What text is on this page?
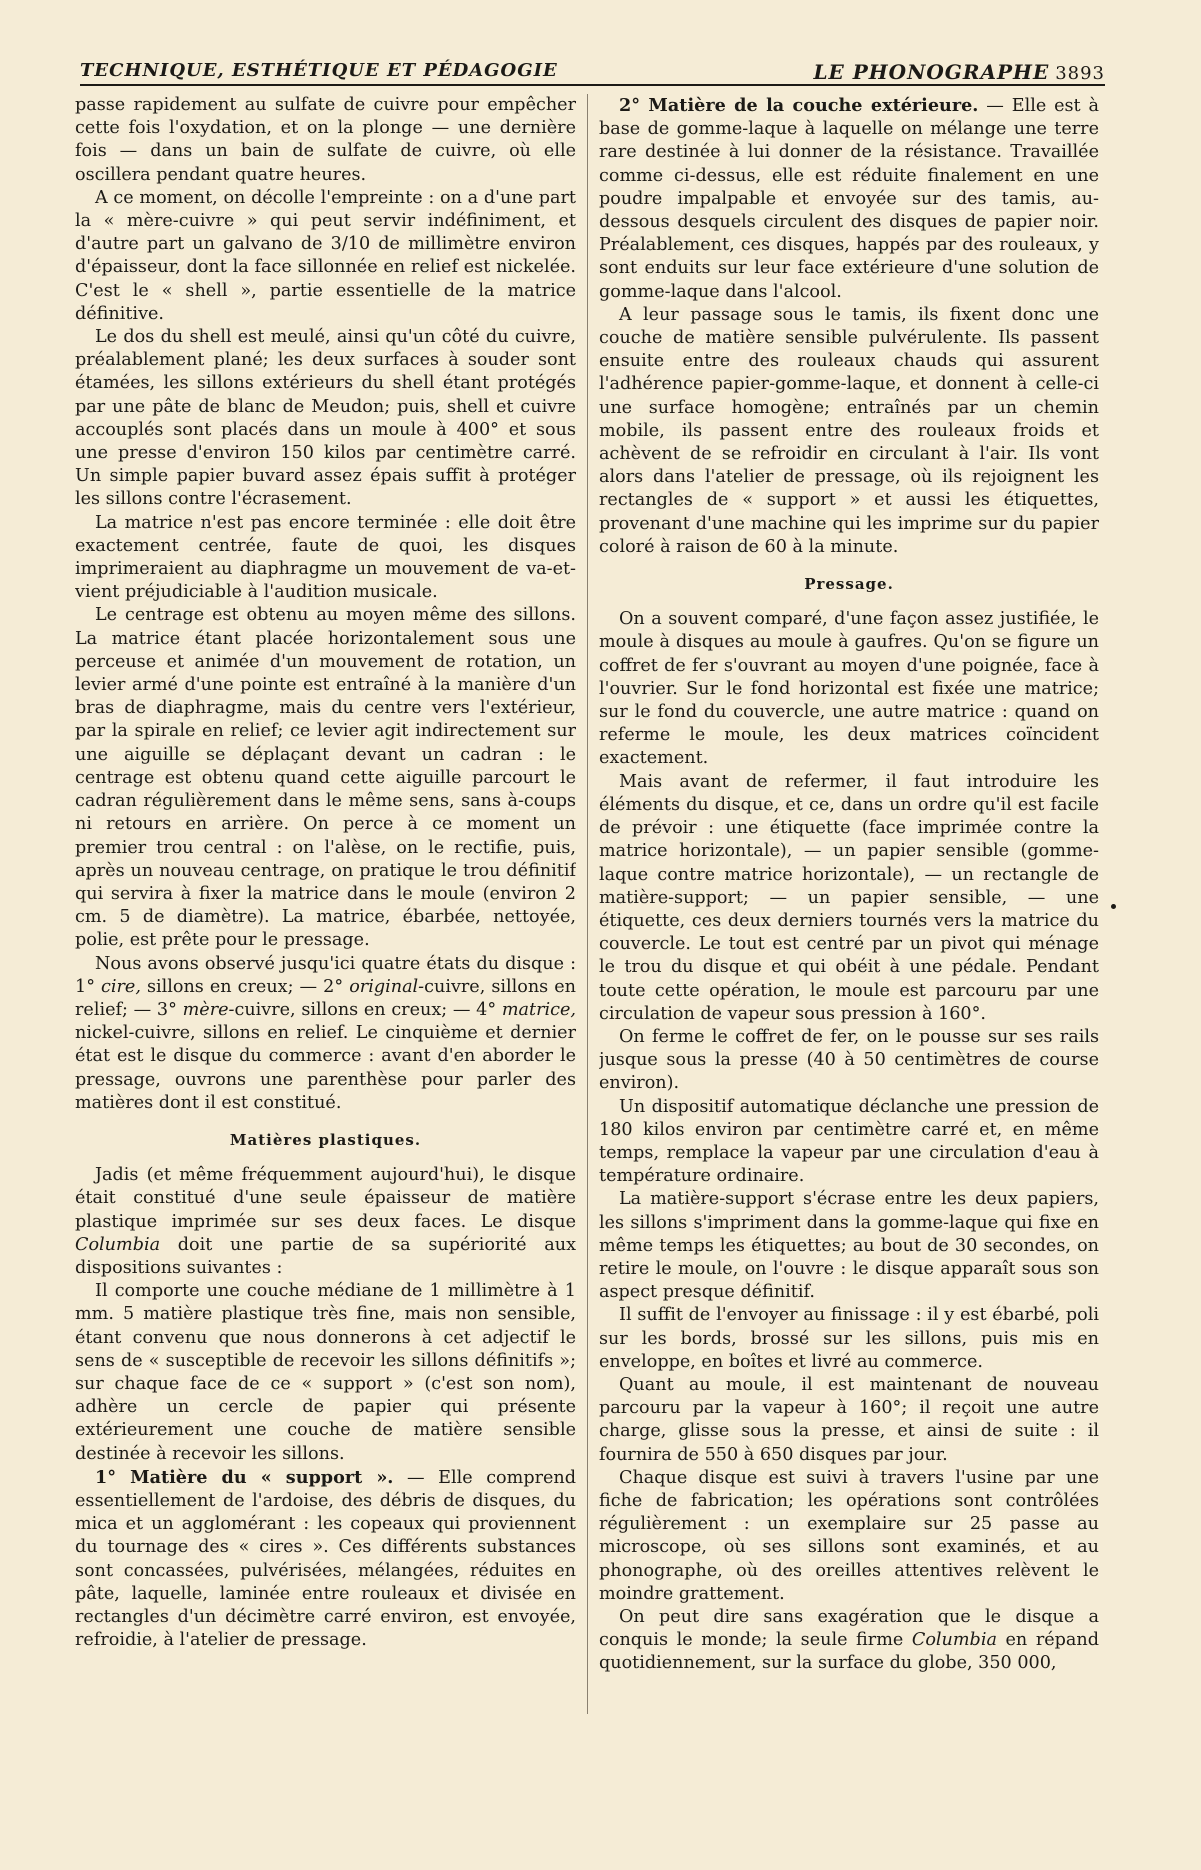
TECHNIQUE, ESTHÉTIQUE ET PÉDAGOGIE	LE PHONOGRAPHE 3893

passe rapidement au sulfate de cuivre pour empêcher cette fois l'oxydation, et on la plonge — une dernière fois — dans un bain de sulfate de cuivre, où elle oscillera pendant quatre heures.

A ce moment, on décolle l'empreinte : on a d'une part la « mère-cuivre » qui peut servir indéfiniment, et d'autre part un galvano de 3/10 de millimètre environ d'épaisseur, dont la face sillonnée en relief est nickelée. C'est le « shell », partie essentielle de la matrice définitive.

Le dos du shell est meulé, ainsi qu'un côté du cuivre, préalablement plané; les deux surfaces à souder sont étamées, les sillons extérieurs du shell étant protégés par une pâte de blanc de Meudon; puis, shell et cuivre accouplés sont placés dans un moule à 400° et sous une presse d'environ 150 kilos par centimètre carré. Un simple papier buvard assez épais suffit à protéger les sillons contre l'écrasement.

La matrice n'est pas encore terminée : elle doit être exactement centrée, faute de quoi, les disques imprimeraient au diaphragme un mouvement de va-et-vient préjudiciable à l'audition musicale.

Le centrage est obtenu au moyen même des sillons. La matrice étant placée horizontalement sous une perceuse et animée d'un mouvement de rotation, un levier armé d'une pointe est entraîné à la manière d'un bras de diaphragme, mais du centre vers l'extérieur, par la spirale en relief; ce levier agit indirectement sur une aiguille se déplaçant devant un cadran : le centrage est obtenu quand cette aiguille parcourt le cadran régulièrement dans le même sens, sans à-coups ni retours en arrière. On perce à ce moment un premier trou central : on l'alèse, on le rectifie, puis, après un nouveau centrage, on pratique le trou définitif qui servira à fixer la matrice dans le moule (environ 2 cm. 5 de diamètre). La matrice, ébarbée, nettoyée, polie, est prête pour le pressage.

Nous avons observé jusqu'ici quatre états du disque : 1° cire, sillons en creux; — 2° original-cuivre, sillons en relief; — 3° mère-cuivre, sillons en creux; — 4° matrice, nickel-cuivre, sillons en relief. Le cinquième et dernier état est le disque du commerce : avant d'en aborder le pressage, ouvrons une parenthèse pour parler des matières dont il est constitué.

Matières plastiques.

Jadis (et même fréquemment aujourd'hui), le disque était constitué d'une seule épaisseur de matière plastique imprimée sur ses deux faces. Le disque Columbia doit une partie de sa supériorité aux dispositions suivantes :

Il comporte une couche médiane de 1 millimètre à 1 mm. 5 matière plastique très fine, mais non sensible, étant convenu que nous donnerons à cet adjectif le sens de « susceptible de recevoir les sillons définitifs »; sur chaque face de ce « support » (c'est son nom), adhère un cercle de papier qui présente extérieurement une couche de matière sensible destinée à recevoir les sillons.

1° Matière du « support ». — Elle comprend essentiellement de l'ardoise, des débris de disques, du mica et un agglomérant : les copeaux qui proviennent du tournage des « cires ». Ces différents substances sont concassées, pulvérisées, mélangées, réduites en pâte, laquelle, laminée entre rouleaux et divisée en rectangles d'un décimètre carré environ, est envoyée, refroidie, à l'atelier de pressage.

2° Matière de la couche extérieure. — Elle est à base de gomme-laque à laquelle on mélange une terre rare destinée à lui donner de la résistance. Travaillée comme ci-dessus, elle est réduite finalement en une poudre impalpable et envoyée sur des tamis, au-dessous desquels circulent des disques de papier noir. Préalablement, ces disques, happés par des rouleaux, y sont enduits sur leur face extérieure d'une solution de gomme-laque dans l'alcool.

A leur passage sous le tamis, ils fixent donc une couche de matière sensible pulvérulente. Ils passent ensuite entre des rouleaux chauds qui assurent l'adhérence papier-gomme-laque, et donnent à celle-ci une surface homogène; entraînés par un chemin mobile, ils passent entre des rouleaux froids et achèvent de se refroidir en circulant à l'air. Ils vont alors dans l'atelier de pressage, où ils rejoignent les rectangles de « support » et aussi les étiquettes, provenant d'une machine qui les imprime sur du papier coloré à raison de 60 à la minute.

Pressage.

On a souvent comparé, d'une façon assez justifiée, le moule à disques au moule à gaufres. Qu'on se figure un coffret de fer s'ouvrant au moyen d'une poignée, face à l'ouvrier. Sur le fond horizontal est fixée une matrice; sur le fond du couvercle, une autre matrice : quand on referme le moule, les deux matrices coïncident exactement.

Mais avant de refermer, il faut introduire les éléments du disque, et ce, dans un ordre qu'il est facile de prévoir : une étiquette (face imprimée contre la matrice horizontale), — un papier sensible (gomme-laque contre matrice horizontale), — un rectangle de matière-support; — un papier sensible, — une étiquette, ces deux derniers tournés vers la matrice du couvercle. Le tout est centré par un pivot qui ménage le trou du disque et qui obéit à une pédale. Pendant toute cette opération, le moule est parcouru par une circulation de vapeur sous pression à 160°.

On ferme le coffret de fer, on le pousse sur ses rails jusque sous la presse (40 à 50 centimètres de course environ).

Un dispositif automatique déclanche une pression de 180 kilos environ par centimètre carré et, en même temps, remplace la vapeur par une circulation d'eau à température ordinaire.

La matière-support s'écrase entre les deux papiers, les sillons s'impriment dans la gomme-laque qui fixe en même temps les étiquettes; au bout de 30 secondes, on retire le moule, on l'ouvre : le disque apparaît sous son aspect presque définitif.

Il suffit de l'envoyer au finissage : il y est ébarbé, poli sur les bords, brossé sur les sillons, puis mis en enveloppe, en boîtes et livré au commerce.

Quant au moule, il est maintenant de nouveau parcouru par la vapeur à 160°; il reçoit une autre charge, glisse sous la presse, et ainsi de suite : il fournira de 550 à 650 disques par jour.

Chaque disque est suivi à travers l'usine par une fiche de fabrication; les opérations sont contrôlées régulièrement : un exemplaire sur 25 passe au microscope, où ses sillons sont examinés, et au phonographe, où des oreilles attentives relèvent le moindre grattement.

On peut dire sans exagération que le disque a conquis le monde; la seule firme Columbia en répand quotidiennement, sur la surface du globe, 350 000,
